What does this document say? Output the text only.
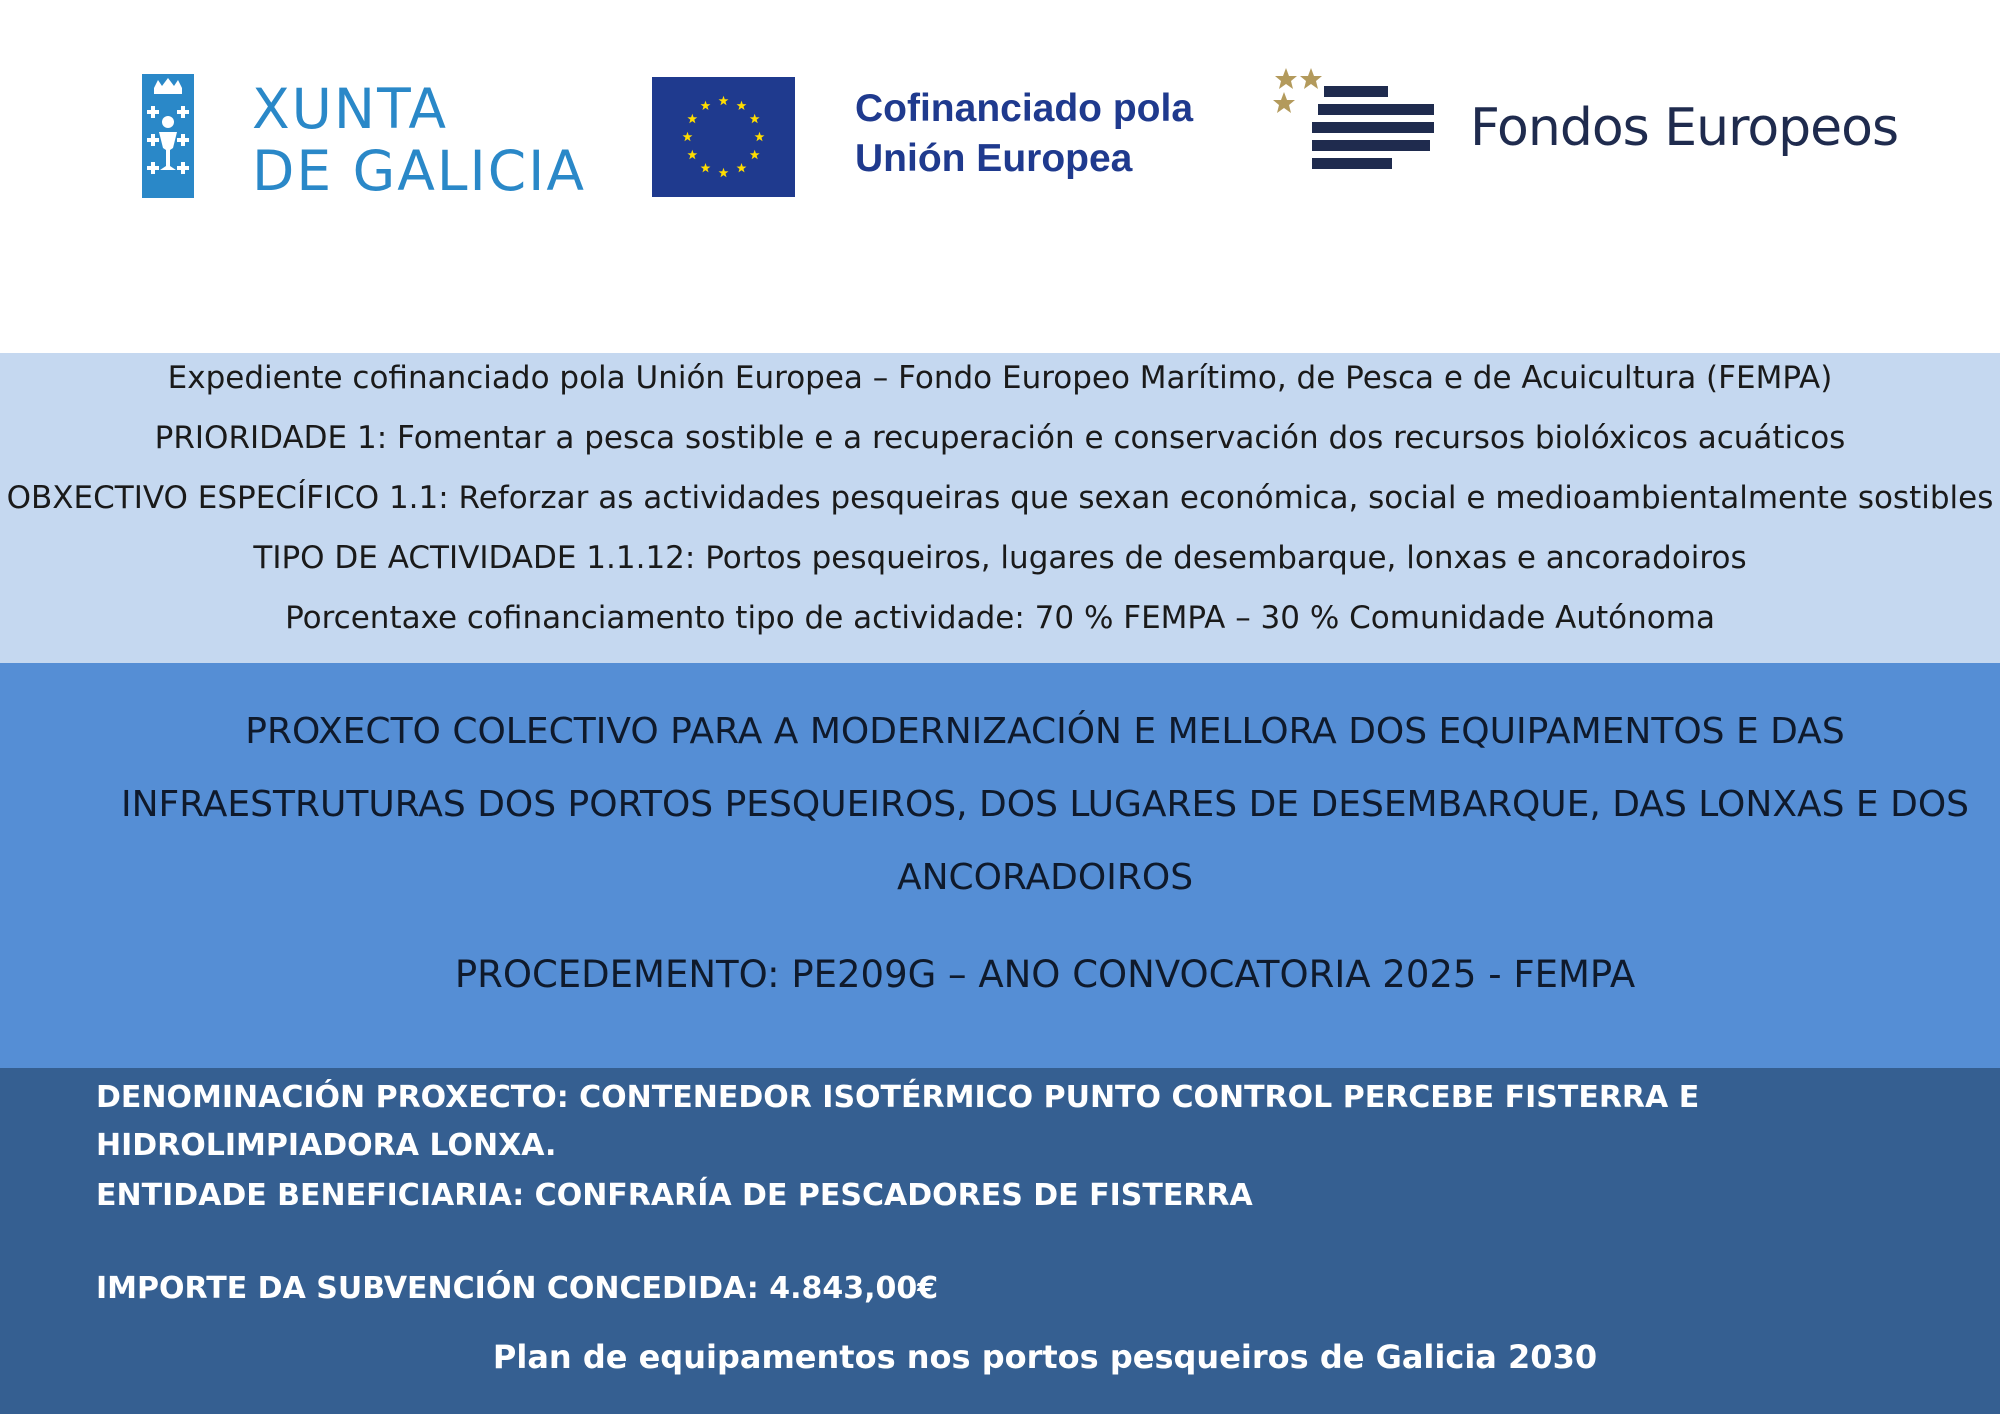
XUNTA
DE GALICIA
Cofinanciado pola
Unión Europea
Fondos Europeos
Expediente cofinanciado pola Unión Europea – Fondo Europeo Marítimo, de Pesca e de Acuicultura (FEMPA)
PRIORIDADE 1: Fomentar a pesca sostible e a recuperación e conservación dos recursos biolóxicos acuáticos
OBXECTIVO ESPECÍFICO 1.1: Reforzar as actividades pesqueiras que sexan económica, social e medioambientalmente sostibles
TIPO DE ACTIVIDADE 1.1.12: Portos pesqueiros, lugares de desembarque, lonxas e ancoradoiros
Porcentaxe cofinanciamento tipo de actividade: 70 % FEMPA – 30 % Comunidade Autónoma
PROXECTO COLECTIVO PARA A MODERNIZACIÓN E MELLORA DOS EQUIPAMENTOS E DAS INFRAESTRUTURAS DOS PORTOS PESQUEIROS, DOS LUGARES DE DESEMBARQUE, DAS LONXAS E DOS ANCORADOIROS
PROCEDEMENTO: PE209G – ANO CONVOCATORIA 2025 - FEMPA
DENOMINACIÓN PROXECTO: CONTENEDOR ISOTÉRMICO PUNTO CONTROL PERCEBE FISTERRA E
HIDROLIMPIADORA LONXA.
ENTIDADE BENEFICIARIA: CONFRARÍA DE PESCADORES DE FISTERRA
IMPORTE DA SUBVENCIÓN CONCEDIDA: 4.843,00€
Plan de equipamentos nos portos pesqueiros de Galicia 2030
